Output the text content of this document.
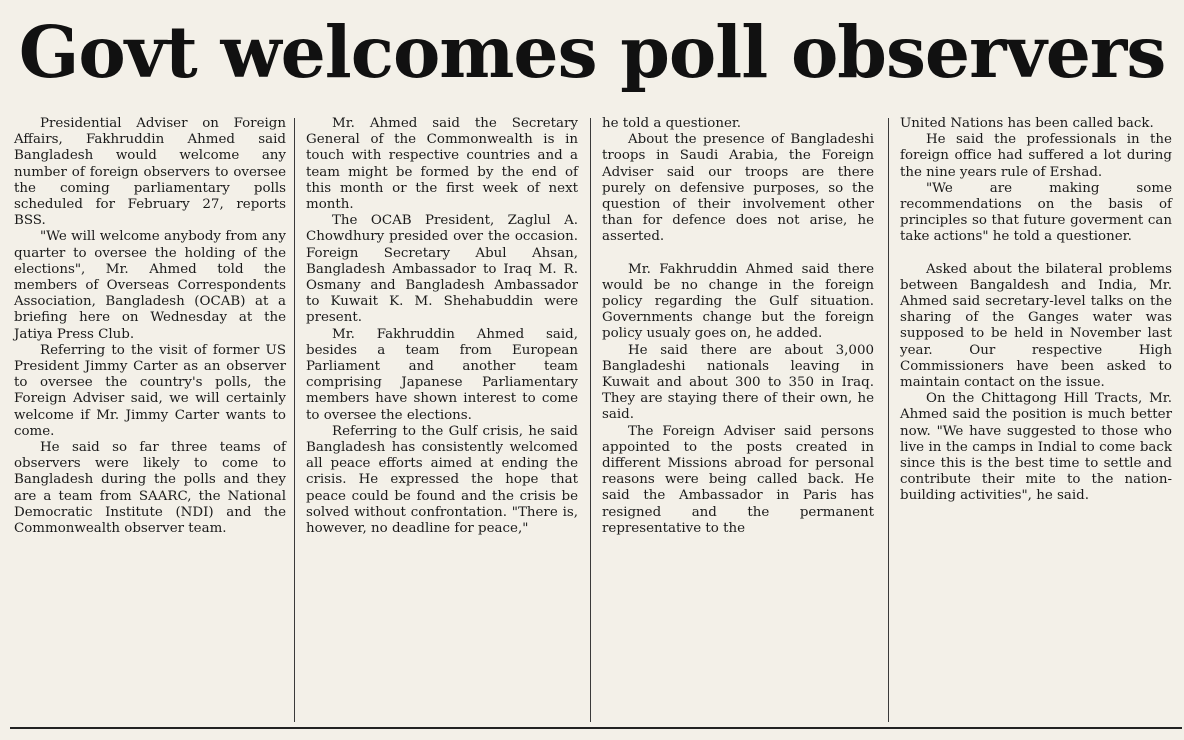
Govt welcomes poll observers

Presidential Adviser on Foreign Affairs, Fakhruddin Ahmed said Bangladesh would welcome any number of foreign observers to oversee the coming parliamentary polls scheduled for February 27, reports BSS.

"We will welcome anybody from any quarter to oversee the holding of the elections", Mr. Ahmed told the members of Overseas Correspondents Association, Bangladesh (OCAB) at a briefing here on Wednesday at the Jatiya Press Club.

Referring to the visit of former US President Jimmy Carter as an observer to oversee the country's polls, the Foreign Adviser said, we will certainly welcome if Mr. Jimmy Carter wants to come.

He said so far three teams of observers were likely to come to Bangladesh during the polls and they are a team from SAARC, the National Democratic Institute (NDI) and the Commonwealth observer team.

Mr. Ahmed said the Secretary General of the Commonwealth is in touch with respective countries and a team might be formed by the end of this month or the first week of next month.

The OCAB President, Zaglul A. Chowdhury presided over the occasion. Foreign Secretary Abul Ahsan, Bangladesh Ambassador to Iraq M. R. Osmany and Bangladesh Ambassador to Kuwait K. M. Shehabuddin were present.

Mr. Fakhruddin Ahmed said, besides a team from European Parliament and another team comprising Japanese Parliamentary members have shown interest to come to oversee the elections.

Referring to the Gulf crisis, he said Bangladesh has consistently welcomed all peace efforts aimed at ending the crisis. He expressed the hope that peace could be found and the crisis be solved without confrontation. "There is, however, no deadline for peace,"

he told a questioner.

About the presence of Bangladeshi troops in Saudi Arabia, the Foreign Adviser said our troops are there purely on defensive purposes, so the question of their involvement other than for defence does not arise, he asserted.

Mr. Fakhruddin Ahmed said there would be no change in the foreign policy regarding the Gulf situation. Governments change but the foreign policy usualy goes on, he added.

He said there are about 3,000 Bangladeshi nationals leaving in Kuwait and about 300 to 350 in Iraq. They are staying there of their own, he said.

The Foreign Adviser said persons appointed to the posts created in different Missions abroad for personal reasons were being called back. He said the Ambassador in Paris has resigned and the permanent representative to the

United Nations has been called back.

He said the professionals in the foreign office had suffered a lot during the nine years rule of Ershad.

"We are making some recommendations on the basis of principles so that future goverment can take actions" he told a questioner.

Asked about the bilateral problems between Bangaldesh and India, Mr. Ahmed said secretary-level talks on the sharing of the Ganges water was supposed to be held in November last year. Our respective High Commissioners have been asked to maintain contact on the issue.

On the Chittagong Hill Tracts, Mr. Ahmed said the position is much better now. "We have suggested to those who live in the camps in Indial to come back since this is the best time to settle and contribute their mite to the nation-building activities", he said.
